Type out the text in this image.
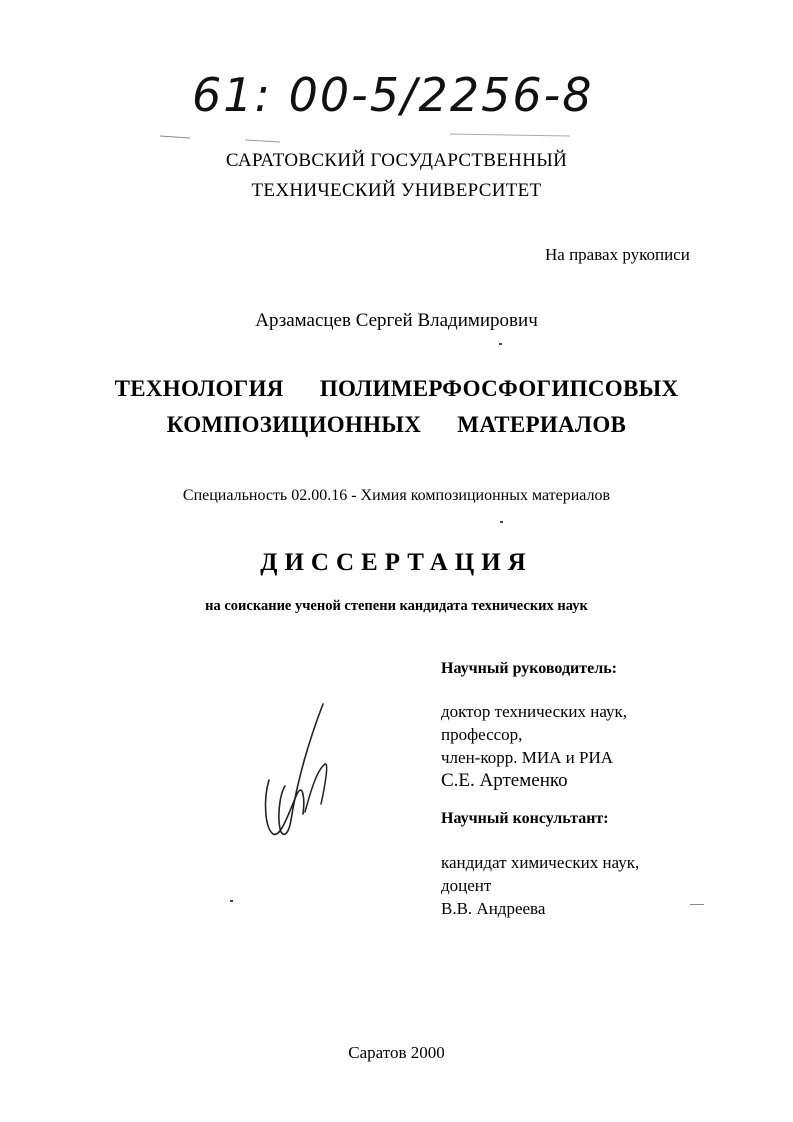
61: 00-5/2256-8
САРАТОВСКИЙ ГОСУДАРСТВЕННЫЙ
ТЕХНИЧЕСКИЙ УНИВЕРСИТЕТ
На правах рукописи
Арзамасцев Сергей Владимирович
ТЕХНОЛОГИЯ   ПОЛИМЕРФОСФОГИПСОВЫХ
КОМПОЗИЦИОННЫХ   МАТЕРИАЛОВ
Специальность 02.00.16 - Химия композиционных материалов
ДИССЕРТАЦИЯ
на соискание ученой степени кандидата технических наук
Научный руководитель:
доктор технических наук,
профессор,
член-корр. МИА и РИА
С.Е. Артеменко
Научный консультант:
кандидат химических наук,
доцент
В.В. Андреева
Саратов 2000
